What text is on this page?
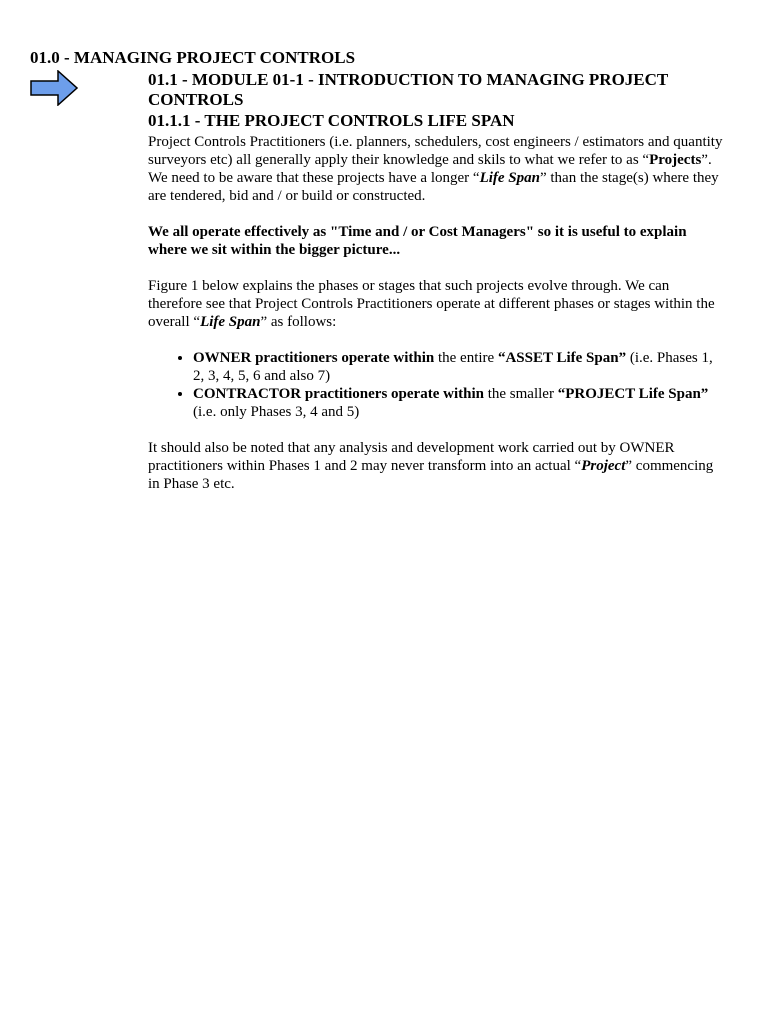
01.0 - MANAGING PROJECT CONTROLS
01.1 - MODULE 01-1 - INTRODUCTION TO MANAGING PROJECT CONTROLS
01.1.1 - THE PROJECT CONTROLS LIFE SPAN

Project Controls Practitioners (i.e. planners, schedulers, cost engineers / estimators and quantity surveyors etc) all generally apply their knowledge and skils to what we refer to as “Projects”. We need to be aware that these projects have a longer “Life Span” than the stage(s) where they are tendered, bid and / or build or constructed.

We all operate effectively as "Time and / or Cost Managers" so it is useful to explain where we sit within the bigger picture...

Figure 1 below explains the phases or stages that such projects evolve through. We can therefore see that Project Controls Practitioners operate at different phases or stages within the overall “Life Span” as follows:

• OWNER practitioners operate within the entire “ASSET Life Span” (i.e. Phases 1, 2, 3, 4, 5, 6 and also 7)
• CONTRACTOR practitioners operate within the smaller “PROJECT Life Span” (i.e. only Phases 3, 4 and 5)

It should also be noted that any analysis and development work carried out by OWNER practitioners within Phases 1 and 2 may never transform into an actual “Project” commencing in Phase 3 etc.
